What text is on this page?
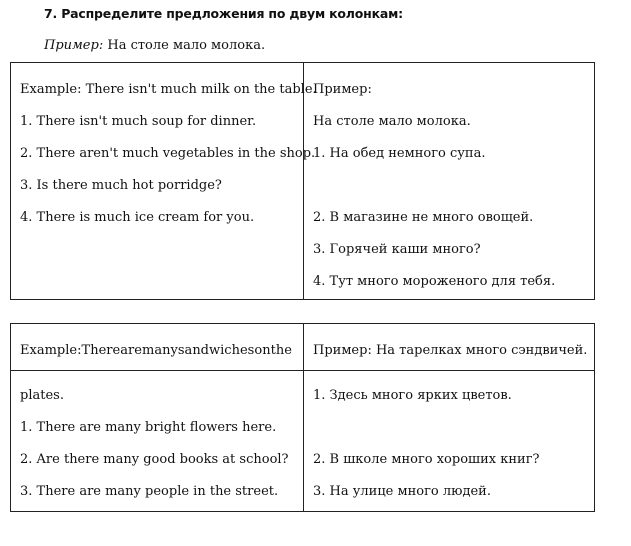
7. Распределите предложения по двум колонкам:
Пример: На столе мало молока.
Example: There isn't much milk on the table.
1. There isn't much soup for dinner.
2. There aren't much vegetables in the shop.
3. Is there much hot porridge?
4. There is much ice cream for you.
Пример:
На столе мало молока.
1. На обед немного супа.
2. В магазине не много овощей.
3. Горячей каши много?
4. Тут много мороженого для тебя.
Example: There are many sandwiches on the Пример: На тарелках много сэндвичей.
plates.
1. There are many bright flowers here.
2. Are there many good books at school?
3. There are many people in the street.
1. Здесь много ярких цветов.
2. В школе много хороших книг?
3. На улице много людей.
